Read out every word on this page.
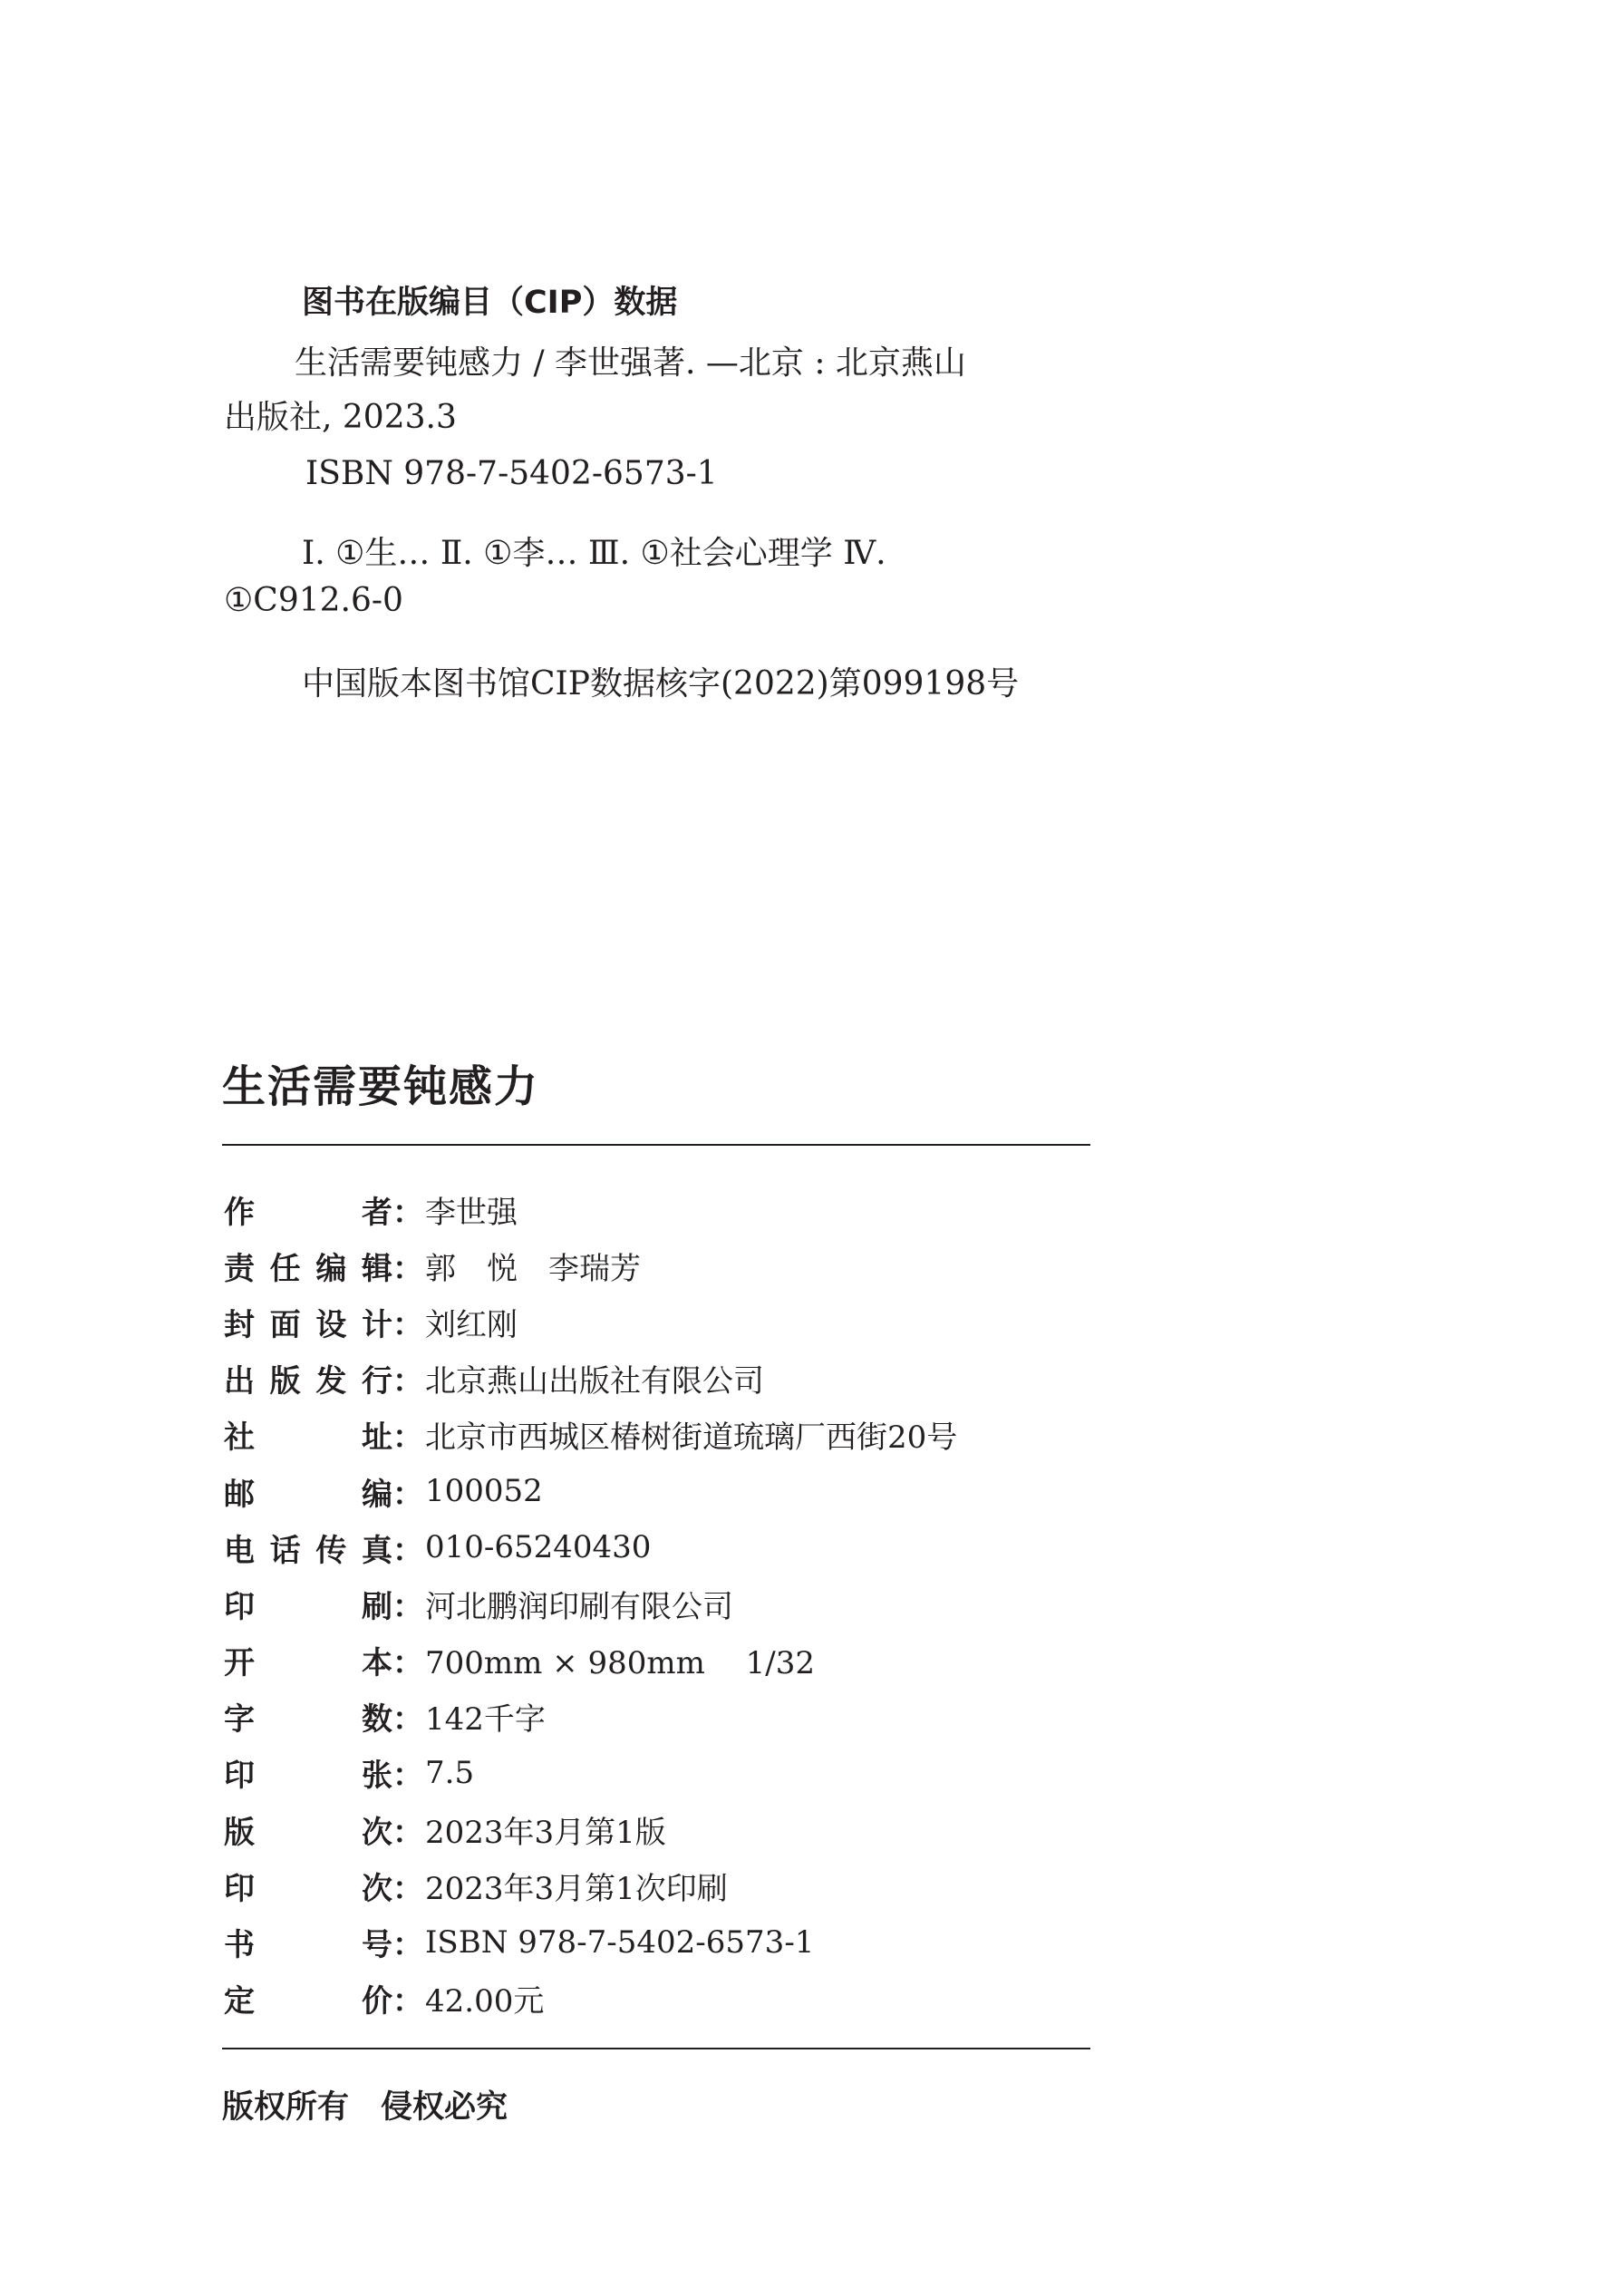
图书在版编目（CIP）数据
生活需要钝感力 / 李世强著. —北京 : 北京燕山
出版社, 2023.3
ISBN 978-7-5402-6573-1
Ⅰ. ①生… Ⅱ. ①李… Ⅲ. ①社会心理学 Ⅳ.
①C912.6-0
中国版本图书馆CIP数据核字(2022)第099198号
生活需要钝感力
作	者 ： 李世强
责 任 编 辑 ： 郭　悦　李瑞芳
封 面 设 计 ： 刘红刚
出 版 发 行 ： 北京燕山出版社有限公司
社	址 ： 北京市西城区椿树街道琉璃厂西街20号
邮	编 ： 100052
电 话 传 真 ： 010-65240430
印	刷 ： 河北鹏润印刷有限公司
开	本 ： 700mm × 980mm　 1/32
字	数 ： 142千字
印	张 ： 7.5
版	次 ： 2023年3月第1版
印	次 ： 2023年3月第1次印刷
书	号 ： ISBN 978-7-5402-6573-1
定	价 ： 42.00元
版权所有　侵权必究
